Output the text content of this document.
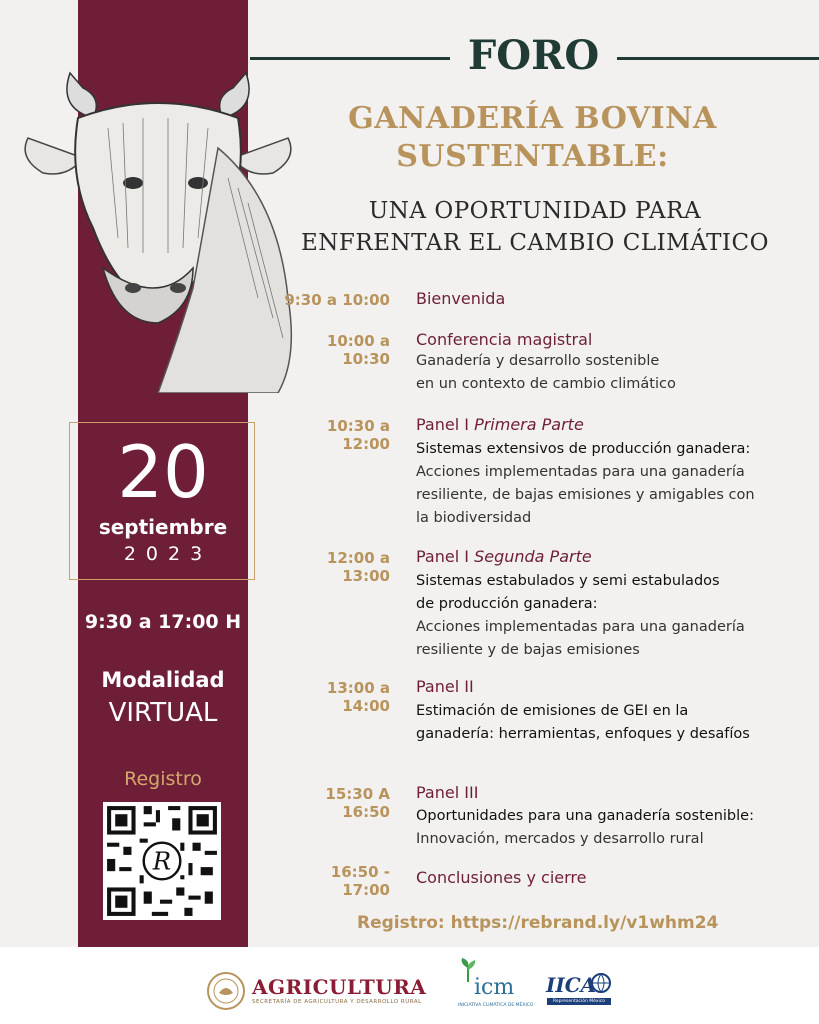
FORO
GANADERÍA BOVINA
SUSTENTABLE:
UNA OPORTUNIDAD PARA
ENFRENTAR EL CAMBIO CLIMÁTICO
20
septiembre
2023
9:30 a 17:00 H
Modalidad
VIRTUAL
Registro
R
9:30 a 10:00 Bienvenida
10:00 a 10:30
Conferencia magistral
Ganadería y desarrollo sostenible
en un contexto de cambio climático
10:30 a 12:00
Panel I Primera Parte
Sistemas extensivos de producción ganadera:
Acciones implementadas para una ganadería
resiliente, de bajas emisiones y amigables con
la biodiversidad
12:00 a 13:00
Panel I Segunda Parte
Sistemas estabulados y semi estabulados
de producción ganadera:
Acciones implementadas para una ganadería
resiliente y de bajas emisiones
13:00 a 14:00
Panel II
Estimación de emisiones de GEI en la
ganadería: herramientas, enfoques y desafíos
15:30 A 16:50
Panel III
Oportunidades para una ganadería sostenible:
Innovación, mercados y desarrollo rural
16:50 - 17:00
Conclusiones y cierre
Registro: https://rebrand.ly/v1whm24
AGRICULTURA
SECRETARÍA DE AGRICULTURA Y DESARROLLO RURAL
icm
INICIATIVA CLIMÁTICA DE MÉXICO
IICA
Representación México
